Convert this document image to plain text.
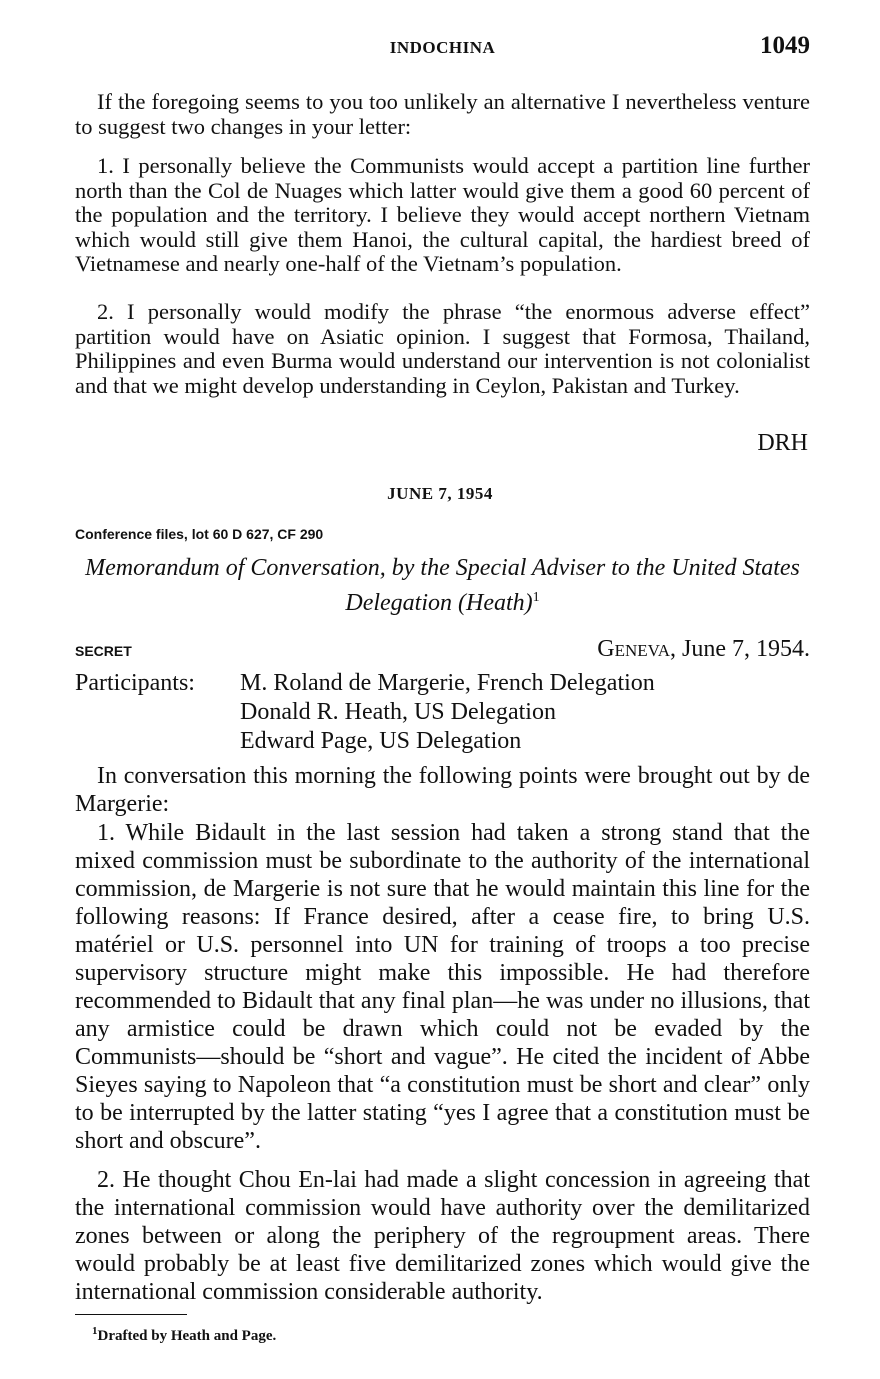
INDOCHINA	1049

If the foregoing seems to you too unlikely an alternative I nevertheless venture to suggest two changes in your letter:

1. I personally believe the Communists would accept a partition line further north than the Col de Nuages which latter would give them a good 60 percent of the population and the territory. I believe they would accept northern Vietnam which would still give them Hanoi, the cultural capital, the hardiest breed of Vietnamese and nearly one-half of the Vietnam’s population.

2. I personally would modify the phrase “the enormous adverse effect” partition would have on Asiatic opinion. I suggest that Formosa, Thailand, Philippines and even Burma would understand our intervention is not colonialist and that we might develop understanding in Ceylon, Pakistan and Turkey.

DRH
JUNE 7, 1954
Conference files, lot 60 D 627, CF 290
Memorandum of Conversation, by the Special Adviser to the United States Delegation (Heath)$^1$
SECRET	Geneva, June 7, 1954.
Participants: M. Roland de Margerie, French Delegation
Donald R. Heath, US Delegation
Edward Page, US Delegation

In conversation this morning the following points were brought out by de Margerie:

1. While Bidault in the last session had taken a strong stand that the mixed commission must be subordinate to the authority of the international commission, de Margerie is not sure that he would maintain this line for the following reasons: If France desired, after a cease fire, to bring U.S. matériel or U.S. personnel into UN for training of troops a too precise supervisory structure might make this impossible. He had therefore recommended to Bidault that any final plan—he was under no illusions, that any armistice could be drawn which could not be evaded by the Communists—should be “short and vague”. He cited the incident of Abbe Sieyes saying to Napoleon that “a constitution must be short and clear” only to be interrupted by the latter stating “yes I agree that a constitution must be short and obscure”.

2. He thought Chou En-lai had made a slight concession in agreeing that the international commission would have authority over the demilitarized zones between or along the periphery of the regroupment areas. There would probably be at least five demilitarized zones which would give the international commission considerable authority.

$^1$Drafted by Heath and Page.
